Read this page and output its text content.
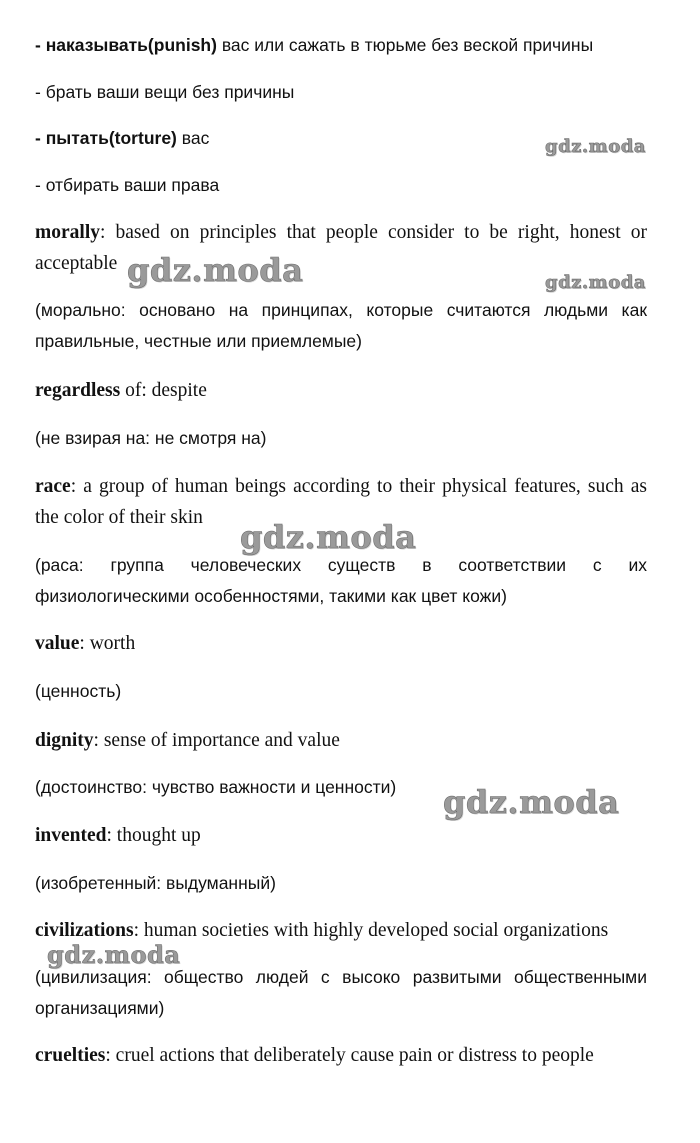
- наказывать(punish) вас или сажать в тюрьме без веской причины

- брать ваши вещи без причины

- пытать(torture) вас

- отбирать ваши права

morally: based on principles that people consider to be right, honest or acceptable

(морально: основано на принципах, которые считаются людьми как правильные, честные или приемлемые)

regardless of: despite

(не взирая на: не смотря на)

race: a group of human beings according to their physical features, such as the color of their skin

(раса: группа человеческих существ в соответствии с их физиологическими особенностями, такими как цвет кожи)

value: worth

(ценность)

dignity: sense of importance and value

(достоинство: чувство важности и ценности)

invented: thought up

(изобретенный: выдуманный)

civilizations: human societies with highly developed social organizations

(цивилизация: общество людей с высоко развитыми общественными организациями)

cruelties: cruel actions that deliberately cause pain or distress to people

gdz.moda
gdz.moda	gdz.moda
gdz.moda
gdz.moda
gdz.moda
